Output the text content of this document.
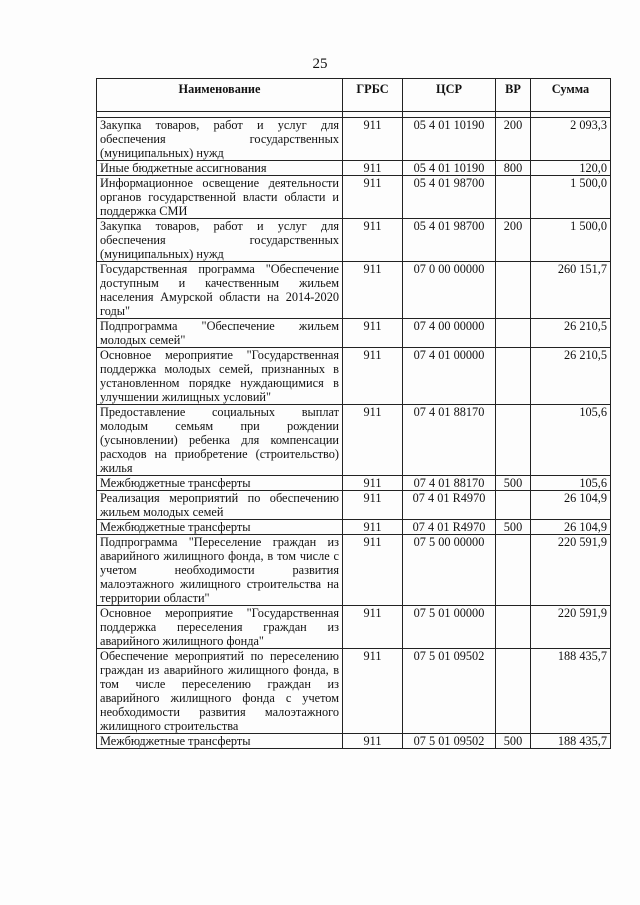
25
Наименование	ГРБС	ЦСР	ВР	Сумма

Закупка товаров, работ и услуг для обеспечения государственных (муниципальных) нужд	911	05 4 01 10190	200	2 093,3
Иные бюджетные ассигнования	911	05 4 01 10190	800	120,0
Информационное освещение деятельности органов государственной власти области и поддержка СМИ	911	05 4 01 98700		1 500,0
Закупка товаров, работ и услуг для обеспечения государственных (муниципальных) нужд	911	05 4 01 98700	200	1 500,0
Государственная программа "Обеспечение доступным и качественным жильем населения Амурской области на 2014-2020 годы"	911	07 0 00 00000		260 151,7
Подпрограмма "Обеспечение жильем молодых семей"	911	07 4 00 00000		26 210,5
Основное мероприятие "Государственная поддержка молодых семей, признанных в установленном порядке нуждающимися в улучшении жилищных условий"	911	07 4 01 00000		26 210,5
Предоставление социальных выплат молодым семьям при рождении (усыновлении) ребенка для компенсации расходов на приобретение (строительство) жилья	911	07 4 01 88170		105,6
Межбюджетные трансферты	911	07 4 01 88170	500	105,6
Реализация мероприятий по обеспечению жильем молодых семей	911	07 4 01 R4970		26 104,9
Межбюджетные трансферты	911	07 4 01 R4970	500	26 104,9
Подпрограмма "Переселение граждан из аварийного жилищного фонда, в том числе с учетом необходимости развития малоэтажного жилищного строительства на территории области"	911	07 5 00 00000		220 591,9
Основное мероприятие "Государственная поддержка переселения граждан из аварийного жилищного фонда"	911	07 5 01 00000		220 591,9
Обеспечение мероприятий по переселению граждан из аварийного жилищного фонда, в том числе переселению граждан из аварийного жилищного фонда с учетом необходимости развития малоэтажного жилищного строительства	911	07 5 01 09502		188 435,7
Межбюджетные трансферты	911	07 5 01 09502	500	188 435,7
